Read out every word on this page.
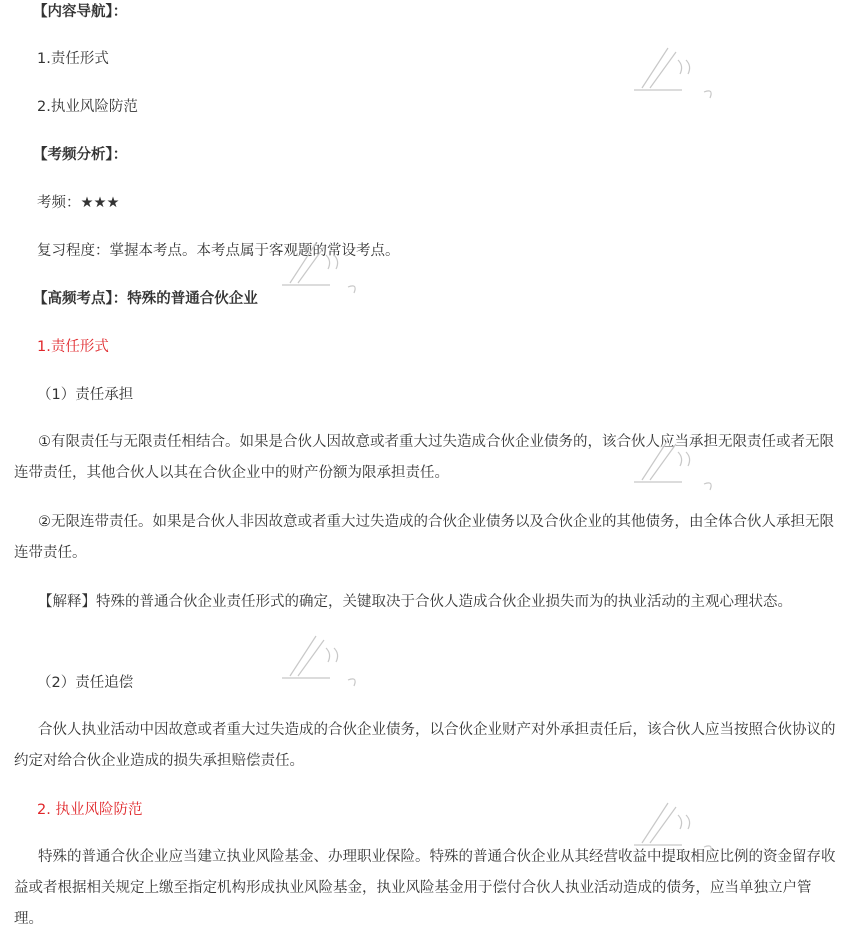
【内容导航】：
1.责任形式
2.执业风险防范
【考频分析】：
考频：★★★
复习程度：掌握本考点。本考点属于客观题的常设考点。
【高频考点】：特殊的普通合伙企业
1.责任形式
（1）责任承担
①有限责任与无限责任相结合。如果是合伙人因故意或者重大过失造成合伙企业债务的，该合伙人应当承担无限责任或者无限连带责任，其他合伙人以其在合伙企业中的财产份额为限承担责任。
②无限连带责任。如果是合伙人非因故意或者重大过失造成的合伙企业债务以及合伙企业的其他债务，由全体合伙人承担无限连带责任。
【解释】特殊的普通合伙企业责任形式的确定，关键取决于合伙人造成合伙企业损失而为的执业活动的主观心理状态。
（2）责任追偿
合伙人执业活动中因故意或者重大过失造成的合伙企业债务，以合伙企业财产对外承担责任后，该合伙人应当按照合伙协议的约定对给合伙企业造成的损失承担赔偿责任。
2. 执业风险防范
特殊的普通合伙企业应当建立执业风险基金、办理职业保险。特殊的普通合伙企业从其经营收益中提取相应比例的资金留存收益或者根据相关规定上缴至指定机构形成执业风险基金，执业风险基金用于偿付合伙人执业活动造成的债务，应当单独立户管理。
